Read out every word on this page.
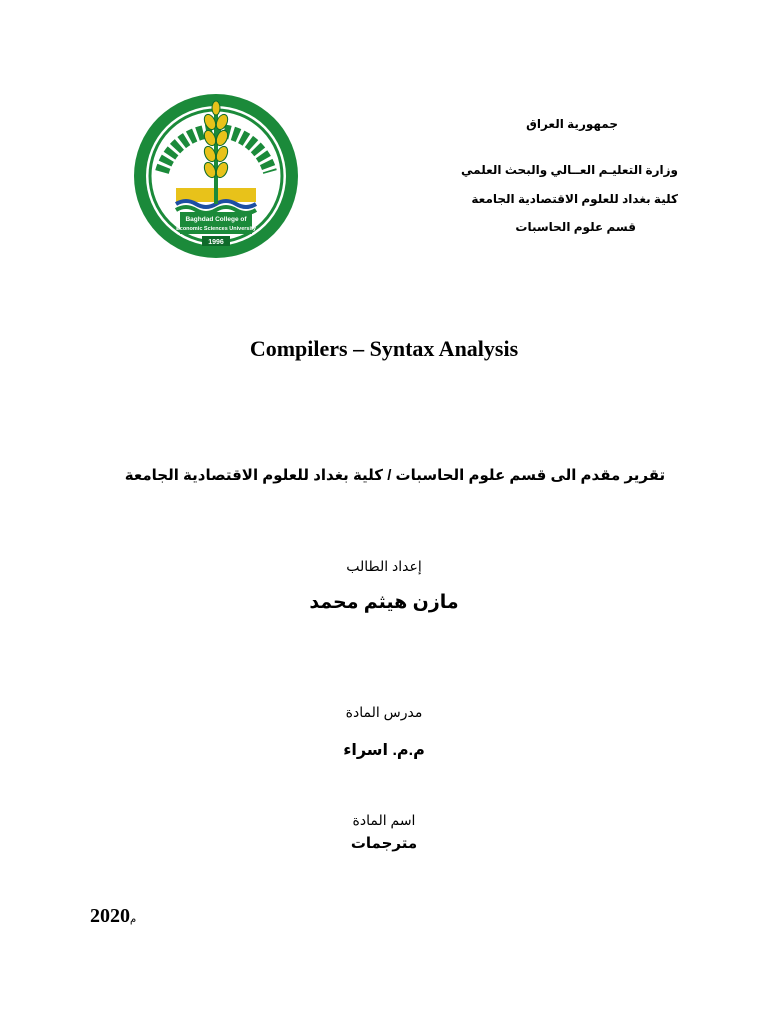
Baghdad College of
Economic Sciences University
1996
جمهورية العراق
وزارة التعليـم العــالي والبحث العلمي
كلية بغداد للعلوم الاقتصادية الجامعة
قسم علوم الحاسبات
Compilers – Syntax Analysis
تقرير مقدم الى قسم علوم الحاسبات / كلية بغداد للعلوم الاقتصادية الجامعة
إعداد الطالب
مازن هيثم محمد
مدرس المادة
م.م. اسراء
اسم المادة
مترجمات
م2020
